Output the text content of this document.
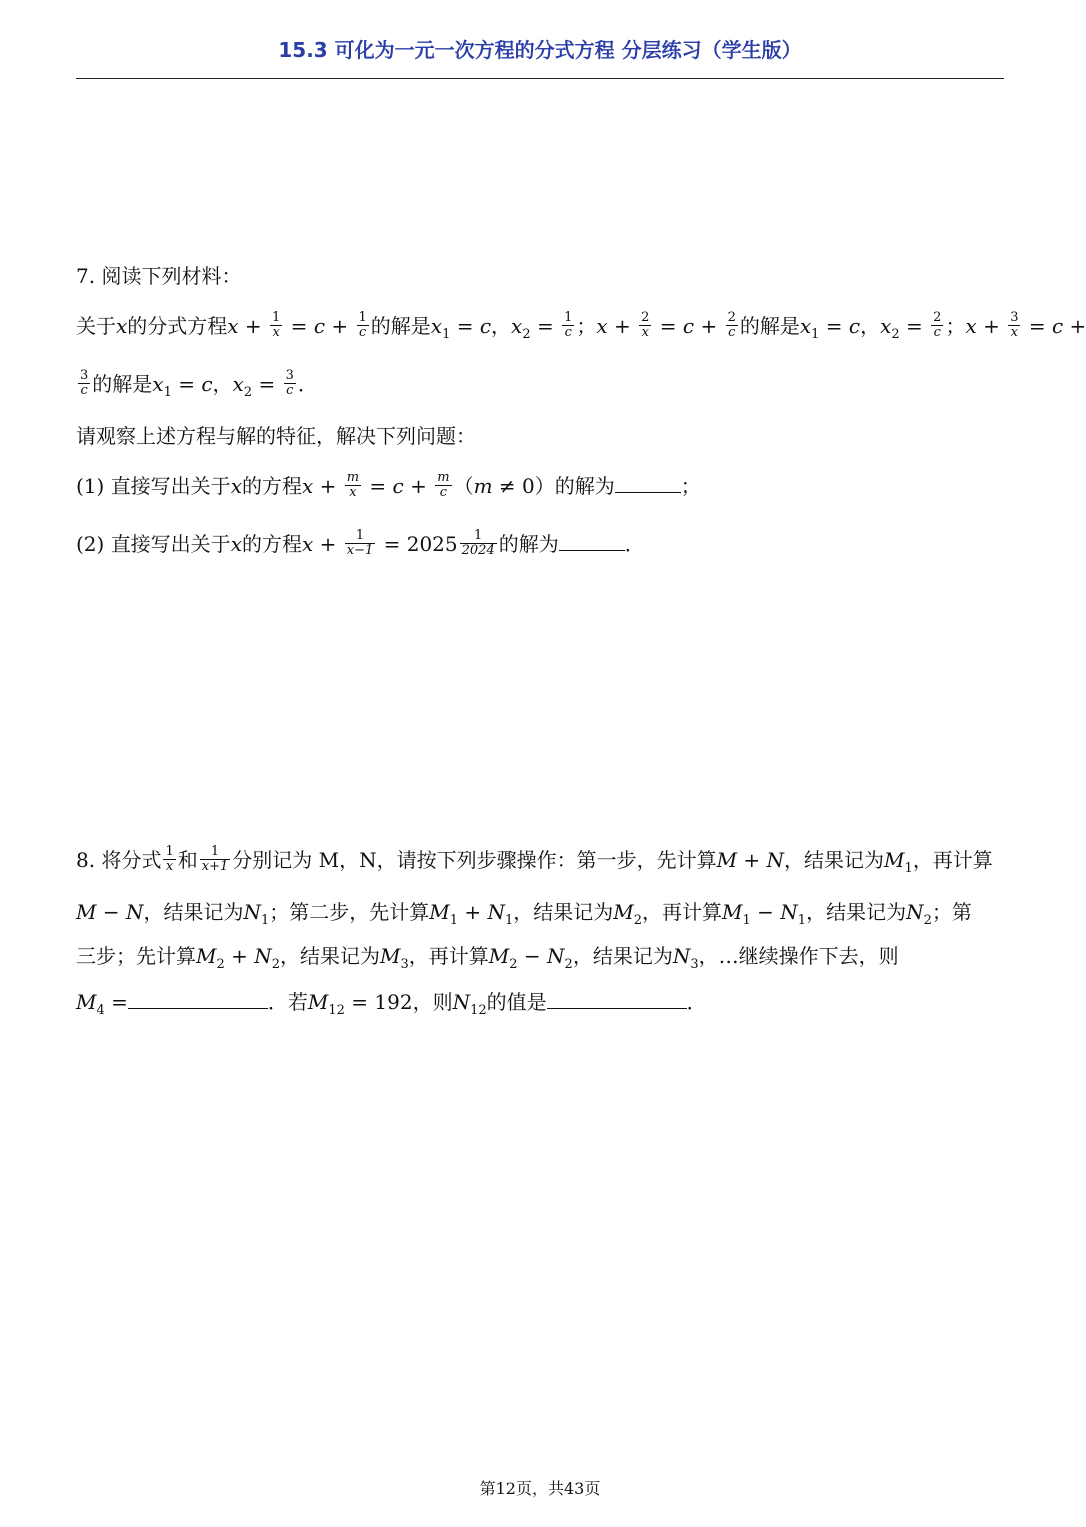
15.3 可化为一元一次方程的分式方程 分层练习（学生版）
7. 阅读下列材料：
关于x的分式方程$x + \frac{1}{x} = c + \frac{1}{c}$ 的解是$x_1 = c$，$x_2 = \frac{1}{c}$ ；$x + \frac{2}{x} = c + \frac{2}{c}$ 的解是$x_1 = c$，$x_2 = \frac{2}{c}$ ；$x + \frac{3}{x} = c$ +
$\frac{3}{c}$ 的解是$x_1 = c$，$x_2 = \frac{3}{c}$ ．
请观察上述方程与解的特征，解决下列问题：
(1) 直接写出关于x的方程$x + \frac{m}{x} = c + \frac{m}{c} (m \ne 0)$的解为	；
(2) 直接写出关于x的方程$x + \frac{1}{x-1} = 2025 \frac{1}{2024}$ 的解为	．
8. 将分式 $\frac{1}{x}$ 和 $\frac{1}{x+1}$ 分别记为 M，N，请按下列步骤操作：第一步，先计算M + N，结果记为$M_1$，再计算
M − N，结果记为$N_1$；第二步，先计算$M_1 + N_1$，结果记为$M_2$，再计算$M_1 - N_1$，结果记为$N_2$；第
三步；先计算$M_2 + N_2$，结果记为$M_3$，再计算$M_2 - N_2$，结果记为$N_3$，…继续操作下去，则
$M_4$ =	．若$M_{12} = 192$，则$N_{12}$的值是	．
第12页，共43页
